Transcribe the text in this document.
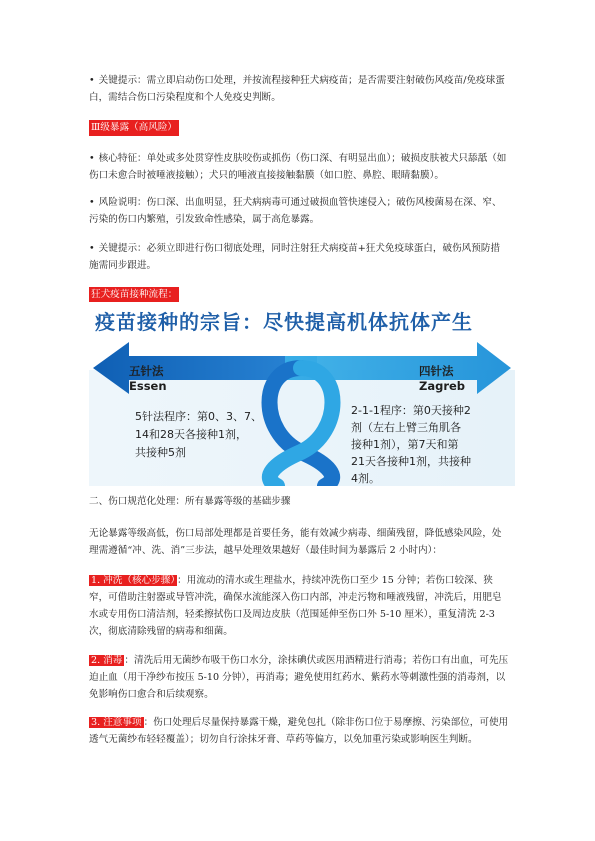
• 关键提示：需立即启动伤口处理，并按流程接种狂犬病疫苗；是否需要注射破伤风疫苗/免疫球蛋白，需结合伤口污染程度和个人免疫史判断。

Ⅲ级暴露（高风险）

• 核心特征：单处或多处贯穿性皮肤咬伤或抓伤（伤口深、有明显出血）；破损皮肤被犬只舔舐（如伤口未愈合时被唾液接触）；犬只的唾液直接接触黏膜（如口腔、鼻腔、眼睛黏膜）。

• 风险说明：伤口深、出血明显，狂犬病病毒可通过破损血管快速侵入；破伤风梭菌易在深、窄、污染的伤口内繁殖，引发致命性感染，属于高危暴露。

• 关键提示：必须立即进行伤口彻底处理，同时注射狂犬病疫苗+狂犬免疫球蛋白，破伤风预防措施需同步跟进。

狂犬疫苗接种流程：
疫苗接种的宗旨：尽快提高机体抗体产生
五针法
Essen
5针法程序：第0、3、7、
14和28天各接种1剂，
共接种5剂
四针法
Zagreb
2-1-1程序：第0天接种2
剂（左右上臂三角肌各
接种1剂），第7天和第
21天各接种1剂，共接种
4剂。

二、伤口规范化处理：所有暴露等级的基础步骤

无论暴露等级高低，伤口局部处理都是首要任务，能有效减少病毒、细菌残留，降低感染风险，处理需遵循“冲、洗、消”三步法，越早处理效果越好（最佳时间为暴露后 2 小时内）：

1. 冲洗（核心步骤） ：用流动的清水或生理盐水，持续冲洗伤口至少 15 分钟；若伤口较深、狭窄，可借助注射器或导管冲洗，确保水流能深入伤口内部，冲走污物和唾液残留，冲洗后，用肥皂水或专用伤口清洁剂，轻柔擦拭伤口及周边皮肤（范围延伸至伤口外 5-10 厘米），重复清洗 2-3 次，彻底清除残留的病毒和细菌。

2. 消毒 ：清洗后用无菌纱布吸干伤口水分，涂抹碘伏或医用酒精进行消毒；若伤口有出血，可先压迫止血（用干净纱布按压 5-10 分钟），再消毒；避免使用红药水、紫药水等刺激性强的消毒剂，以免影响伤口愈合和后续观察。

3. 注意事项 ：伤口处理后尽量保持暴露干燥，避免包扎（除非伤口位于易摩擦、污染部位，可使用透气无菌纱布轻轻覆盖）；切勿自行涂抹牙膏、草药等偏方，以免加重污染或影响医生判断。
